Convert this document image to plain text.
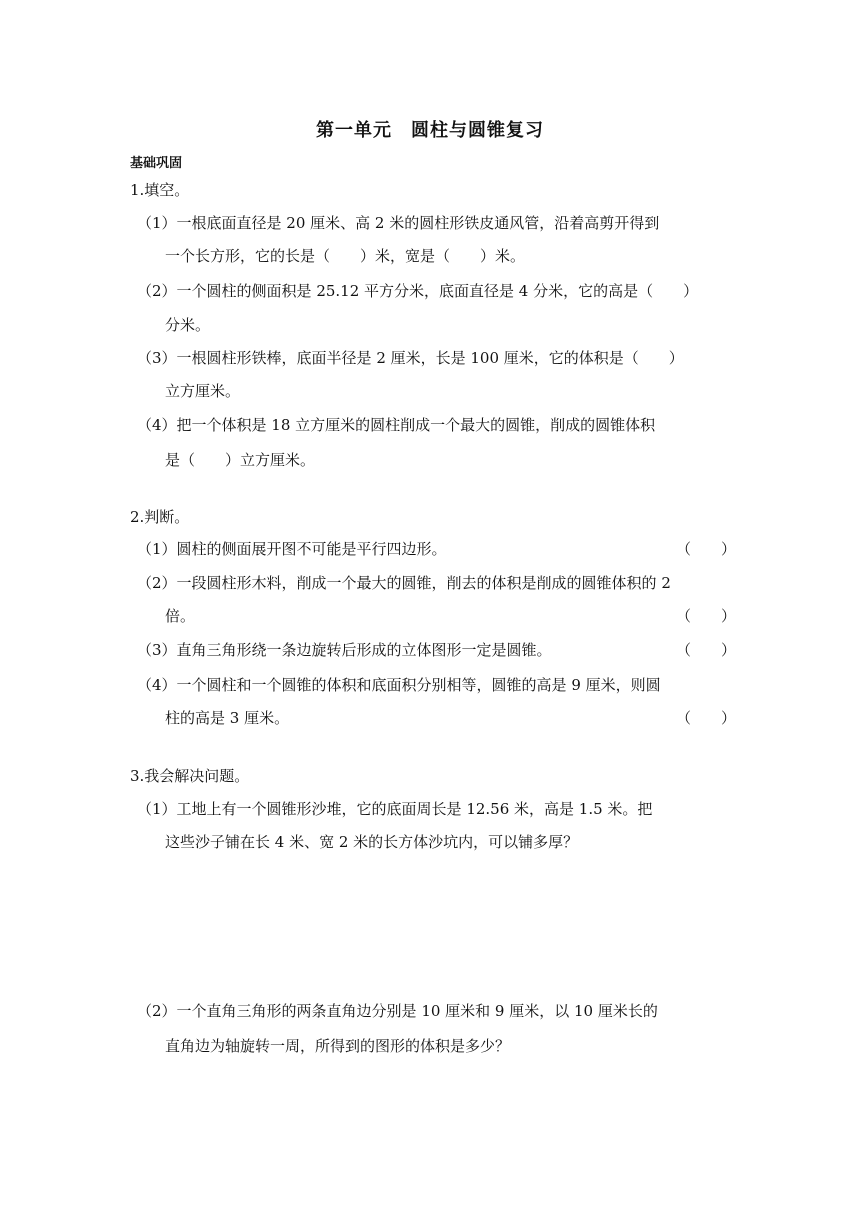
第一单元　圆柱与圆锥复习
基础巩固
1.填空。
（1）一根底面直径是 20 厘米、高 2 米的圆柱形铁皮通风管，沿着高剪开得到
一个长方形，它的长是（　　）米，宽是（　　）米。
（2）一个圆柱的侧面积是 25.12 平方分米，底面直径是 4 分米，它的高是（　　）
分米。
（3）一根圆柱形铁棒，底面半径是 2 厘米，长是 100 厘米，它的体积是（　　）
立方厘米。
（4）把一个体积是 18 立方厘米的圆柱削成一个最大的圆锥，削成的圆锥体积
是（　　）立方厘米。
2.判断。
（1）圆柱的侧面展开图不可能是平行四边形。	（　　）
（2）一段圆柱形木料，削成一个最大的圆锥，削去的体积是削成的圆锥体积的 2
倍。	（　　）
（3）直角三角形绕一条边旋转后形成的立体图形一定是圆锥。	（　　）
（4）一个圆柱和一个圆锥的体积和底面积分别相等，圆锥的高是 9 厘米，则圆
柱的高是 3 厘米。	（　　）
3.我会解决问题。
（1）工地上有一个圆锥形沙堆，它的底面周长是 12.56 米，高是 1.5 米。把
这些沙子铺在长 4 米、宽 2 米的长方体沙坑内，可以铺多厚？
（2）一个直角三角形的两条直角边分别是 10 厘米和 9 厘米，以 10 厘米长的
直角边为轴旋转一周，所得到的图形的体积是多少？
